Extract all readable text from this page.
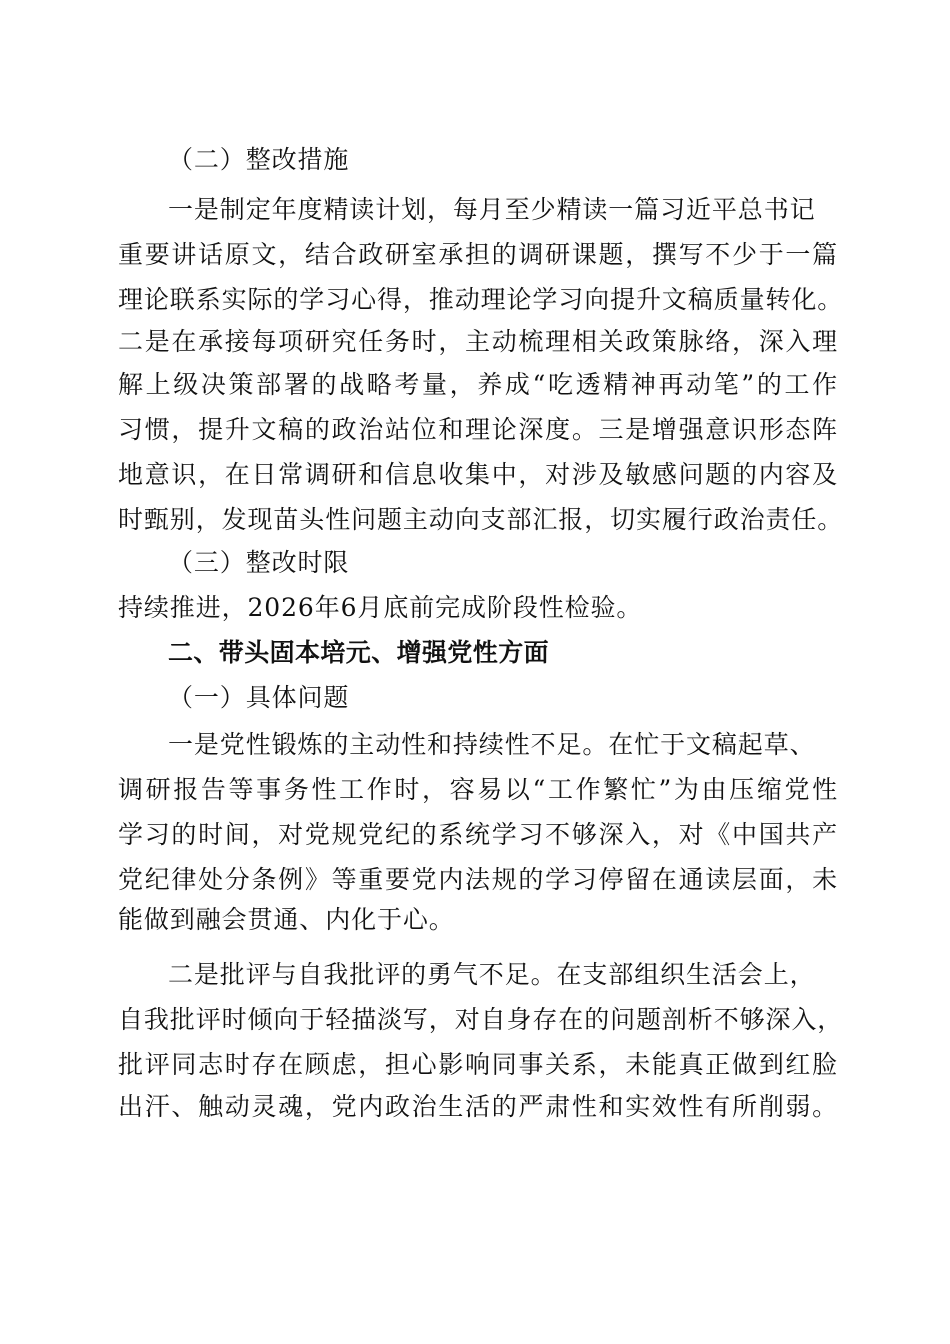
（二）整改措施
一是制定年度精读计划，每月至少精读一篇习近平总书记
重要讲话原文，结合政研室承担的调研课题，撰写不少于一篇
理论联系实际的学习心得，推动理论学习向提升文稿质量转化。
二是在承接每项研究任务时，主动梳理相关政策脉络，深入理
解上级决策部署的战略考量，养成“吃透精神再动笔”的工作
习惯，提升文稿的政治站位和理论深度。三是增强意识形态阵
地意识，在日常调研和信息收集中，对涉及敏感问题的内容及
时甄别，发现苗头性问题主动向支部汇报，切实履行政治责任。
（三）整改时限
持续推进，2026年6月底前完成阶段性检验。
二、带头固本培元、增强党性方面
（一）具体问题
一是党性锻炼的主动性和持续性不足。在忙于文稿起草、
调研报告等事务性工作时，容易以“工作繁忙”为由压缩党性
学习的时间，对党规党纪的系统学习不够深入，对《中国共产
党纪律处分条例》等重要党内法规的学习停留在通读层面，未
能做到融会贯通、内化于心。
二是批评与自我批评的勇气不足。在支部组织生活会上，
自我批评时倾向于轻描淡写，对自身存在的问题剖析不够深入，
批评同志时存在顾虑，担心影响同事关系，未能真正做到红脸
出汗、触动灵魂，党内政治生活的严肃性和实效性有所削弱。
